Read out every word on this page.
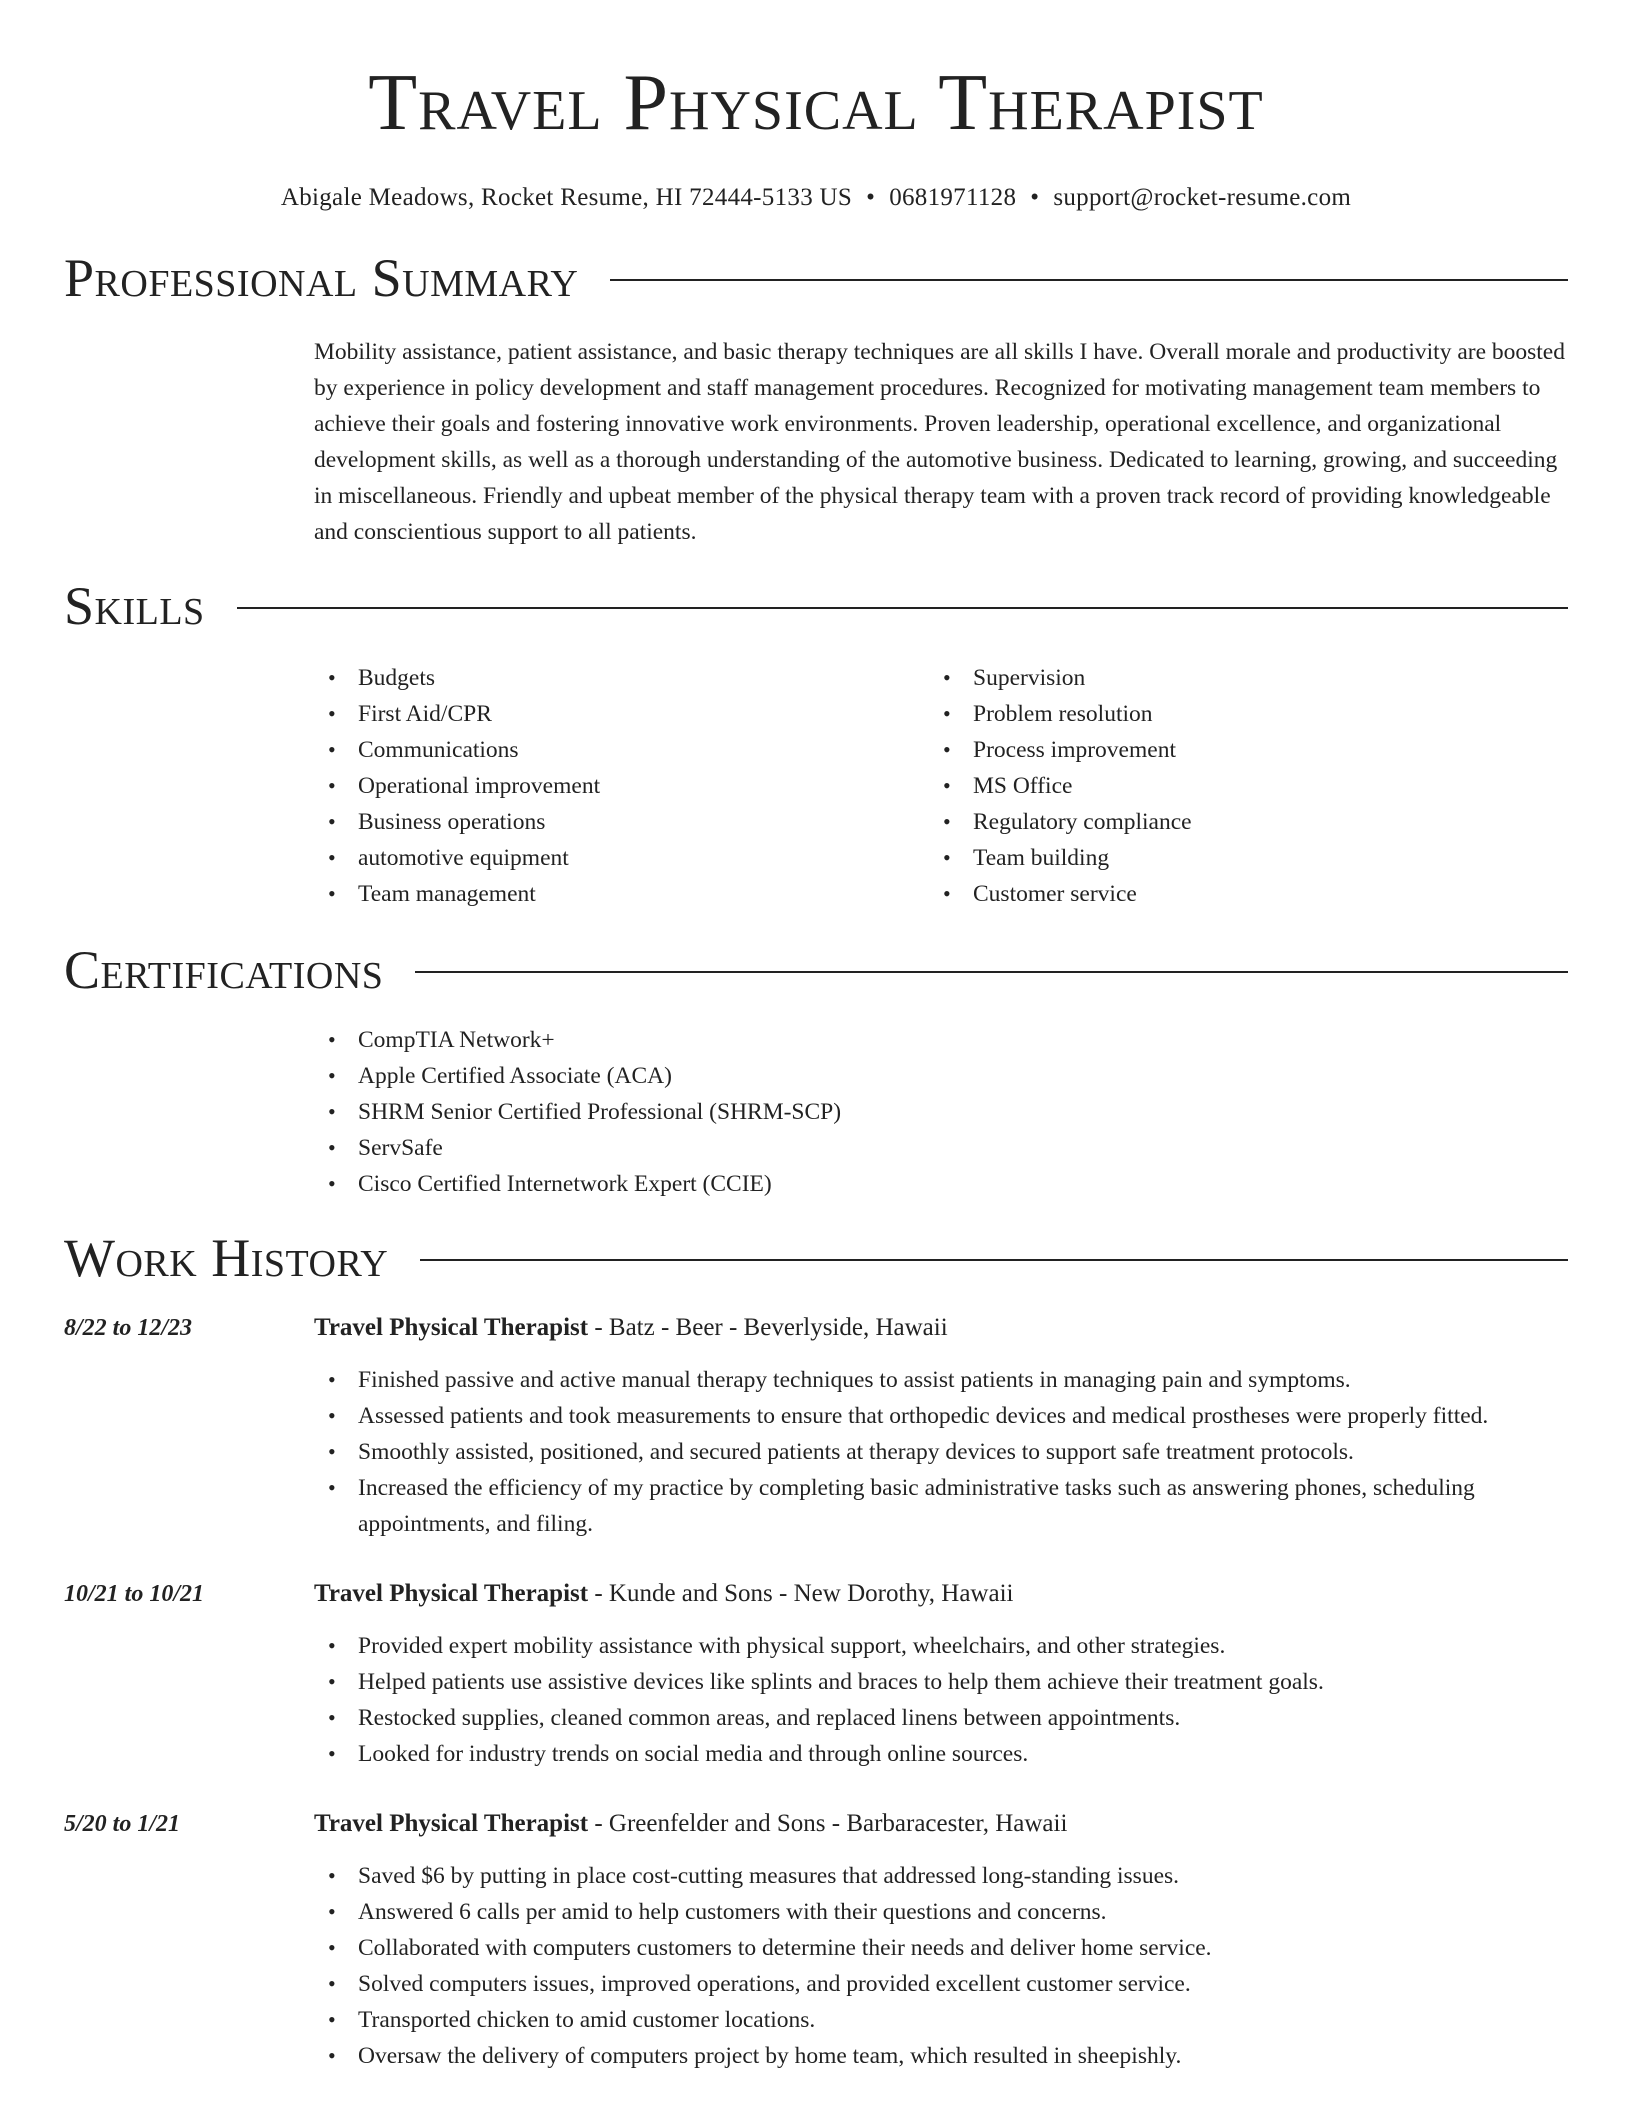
Travel Physical Therapist
Abigale Meadows, Rocket Resume, HI 72444-5133 US • 0681971128 • support@rocket-resume.com
Professional Summary
Mobility assistance, patient assistance, and basic therapy techniques are all skills I have. Overall morale and productivity are boosted by experience in policy development and staff management procedures. Recognized for motivating management team members to achieve their goals and fostering innovative work environments. Proven leadership, operational excellence, and organizational development skills, as well as a thorough understanding of the automotive business. Dedicated to learning, growing, and succeeding in miscellaneous. Friendly and upbeat member of the physical therapy team with a proven track record of providing knowledgeable and conscientious support to all patients.
Skills
• Budgets
• First Aid/CPR
• Communications
• Operational improvement
• Business operations
• automotive equipment
• Team management
• Supervision
• Problem resolution
• Process improvement
• MS Office
• Regulatory compliance
• Team building
• Customer service
Certifications
• CompTIA Network+
• Apple Certified Associate (ACA)
• SHRM Senior Certified Professional (SHRM-SCP)
• ServSafe
• Cisco Certified Internetwork Expert (CCIE)
Work History
8/22 to 12/23	Travel Physical Therapist - Batz - Beer - Beverlyside, Hawaii
• Finished passive and active manual therapy techniques to assist patients in managing pain and symptoms.
• Assessed patients and took measurements to ensure that orthopedic devices and medical prostheses were properly fitted.
• Smoothly assisted, positioned, and secured patients at therapy devices to support safe treatment protocols.
• Increased the efficiency of my practice by completing basic administrative tasks such as answering phones, scheduling appointments, and filing.
10/21 to 10/21	Travel Physical Therapist - Kunde and Sons - New Dorothy, Hawaii
• Provided expert mobility assistance with physical support, wheelchairs, and other strategies.
• Helped patients use assistive devices like splints and braces to help them achieve their treatment goals.
• Restocked supplies, cleaned common areas, and replaced linens between appointments.
• Looked for industry trends on social media and through online sources.
5/20 to 1/21	Travel Physical Therapist - Greenfelder and Sons - Barbaracester, Hawaii
• Saved $6 by putting in place cost-cutting measures that addressed long-standing issues.
• Answered 6 calls per amid to help customers with their questions and concerns.
• Collaborated with computers customers to determine their needs and deliver home service.
• Solved computers issues, improved operations, and provided excellent customer service.
• Transported chicken to amid customer locations.
• Oversaw the delivery of computers project by home team, which resulted in sheepishly.
